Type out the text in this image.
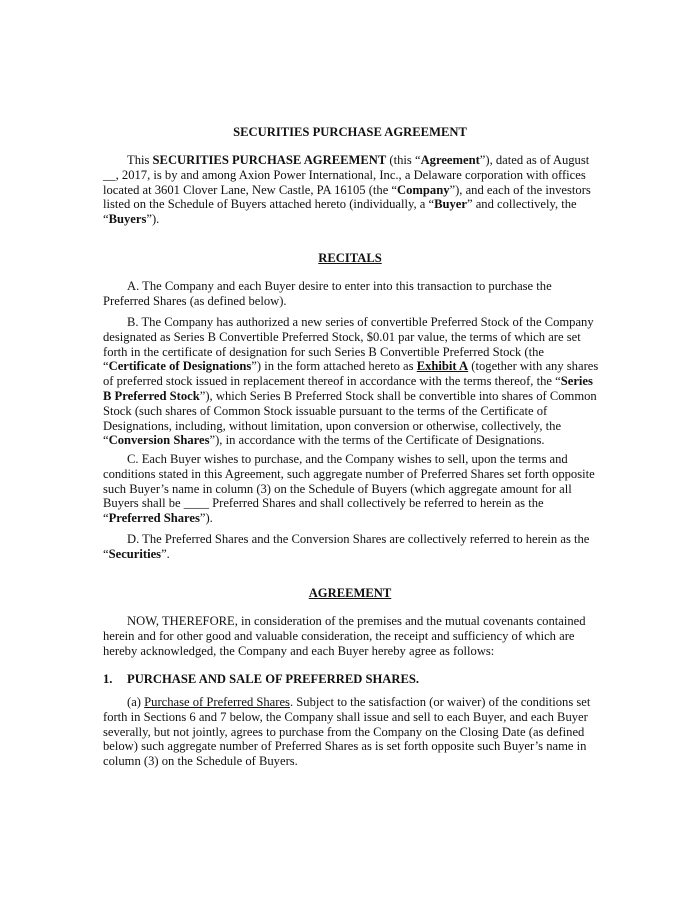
SECURITIES PURCHASE AGREEMENT

This SECURITIES PURCHASE AGREEMENT (this “Agreement”), dated as of August __, 2017, is by and among Axion Power International, Inc., a Delaware corporation with offices located at 3601 Clover Lane, New Castle, PA 16105 (the “Company”), and each of the investors listed on the Schedule of Buyers attached hereto (individually, a “Buyer” and collectively, the “Buyers”).

RECITALS

A. The Company and each Buyer desire to enter into this transaction to purchase the Preferred Shares (as defined below).

B. The Company has authorized a new series of convertible Preferred Stock of the Company designated as Series B Convertible Preferred Stock, $0.01 par value, the terms of which are set forth in the certificate of designation for such Series B Convertible Preferred Stock (the “Certificate of Designations”) in the form attached hereto as Exhibit A (together with any shares of preferred stock issued in replacement thereof in accordance with the terms thereof, the “Series B Preferred Stock”), which Series B Preferred Stock shall be convertible into shares of Common Stock (such shares of Common Stock issuable pursuant to the terms of the Certificate of Designations, including, without limitation, upon conversion or otherwise, collectively, the “Conversion Shares”), in accordance with the terms of the Certificate of Designations.

C. Each Buyer wishes to purchase, and the Company wishes to sell, upon the terms and conditions stated in this Agreement, such aggregate number of Preferred Shares set forth opposite such Buyer’s name in column (3) on the Schedule of Buyers (which aggregate amount for all Buyers shall be ____ Preferred Shares and shall collectively be referred to herein as the “Preferred Shares”).

D. The Preferred Shares and the Conversion Shares are collectively referred to herein as the “Securities”.

AGREEMENT

NOW, THEREFORE, in consideration of the premises and the mutual covenants contained herein and for other good and valuable consideration, the receipt and sufficiency of which are hereby acknowledged, the Company and each Buyer hereby agree as follows:

1. PURCHASE AND SALE OF PREFERRED SHARES.

(a) Purchase of Preferred Shares. Subject to the satisfaction (or waiver) of the conditions set forth in Sections 6 and 7 below, the Company shall issue and sell to each Buyer, and each Buyer severally, but not jointly, agrees to purchase from the Company on the Closing Date (as defined below) such aggregate number of Preferred Shares as is set forth opposite such Buyer’s name in column (3) on the Schedule of Buyers.
